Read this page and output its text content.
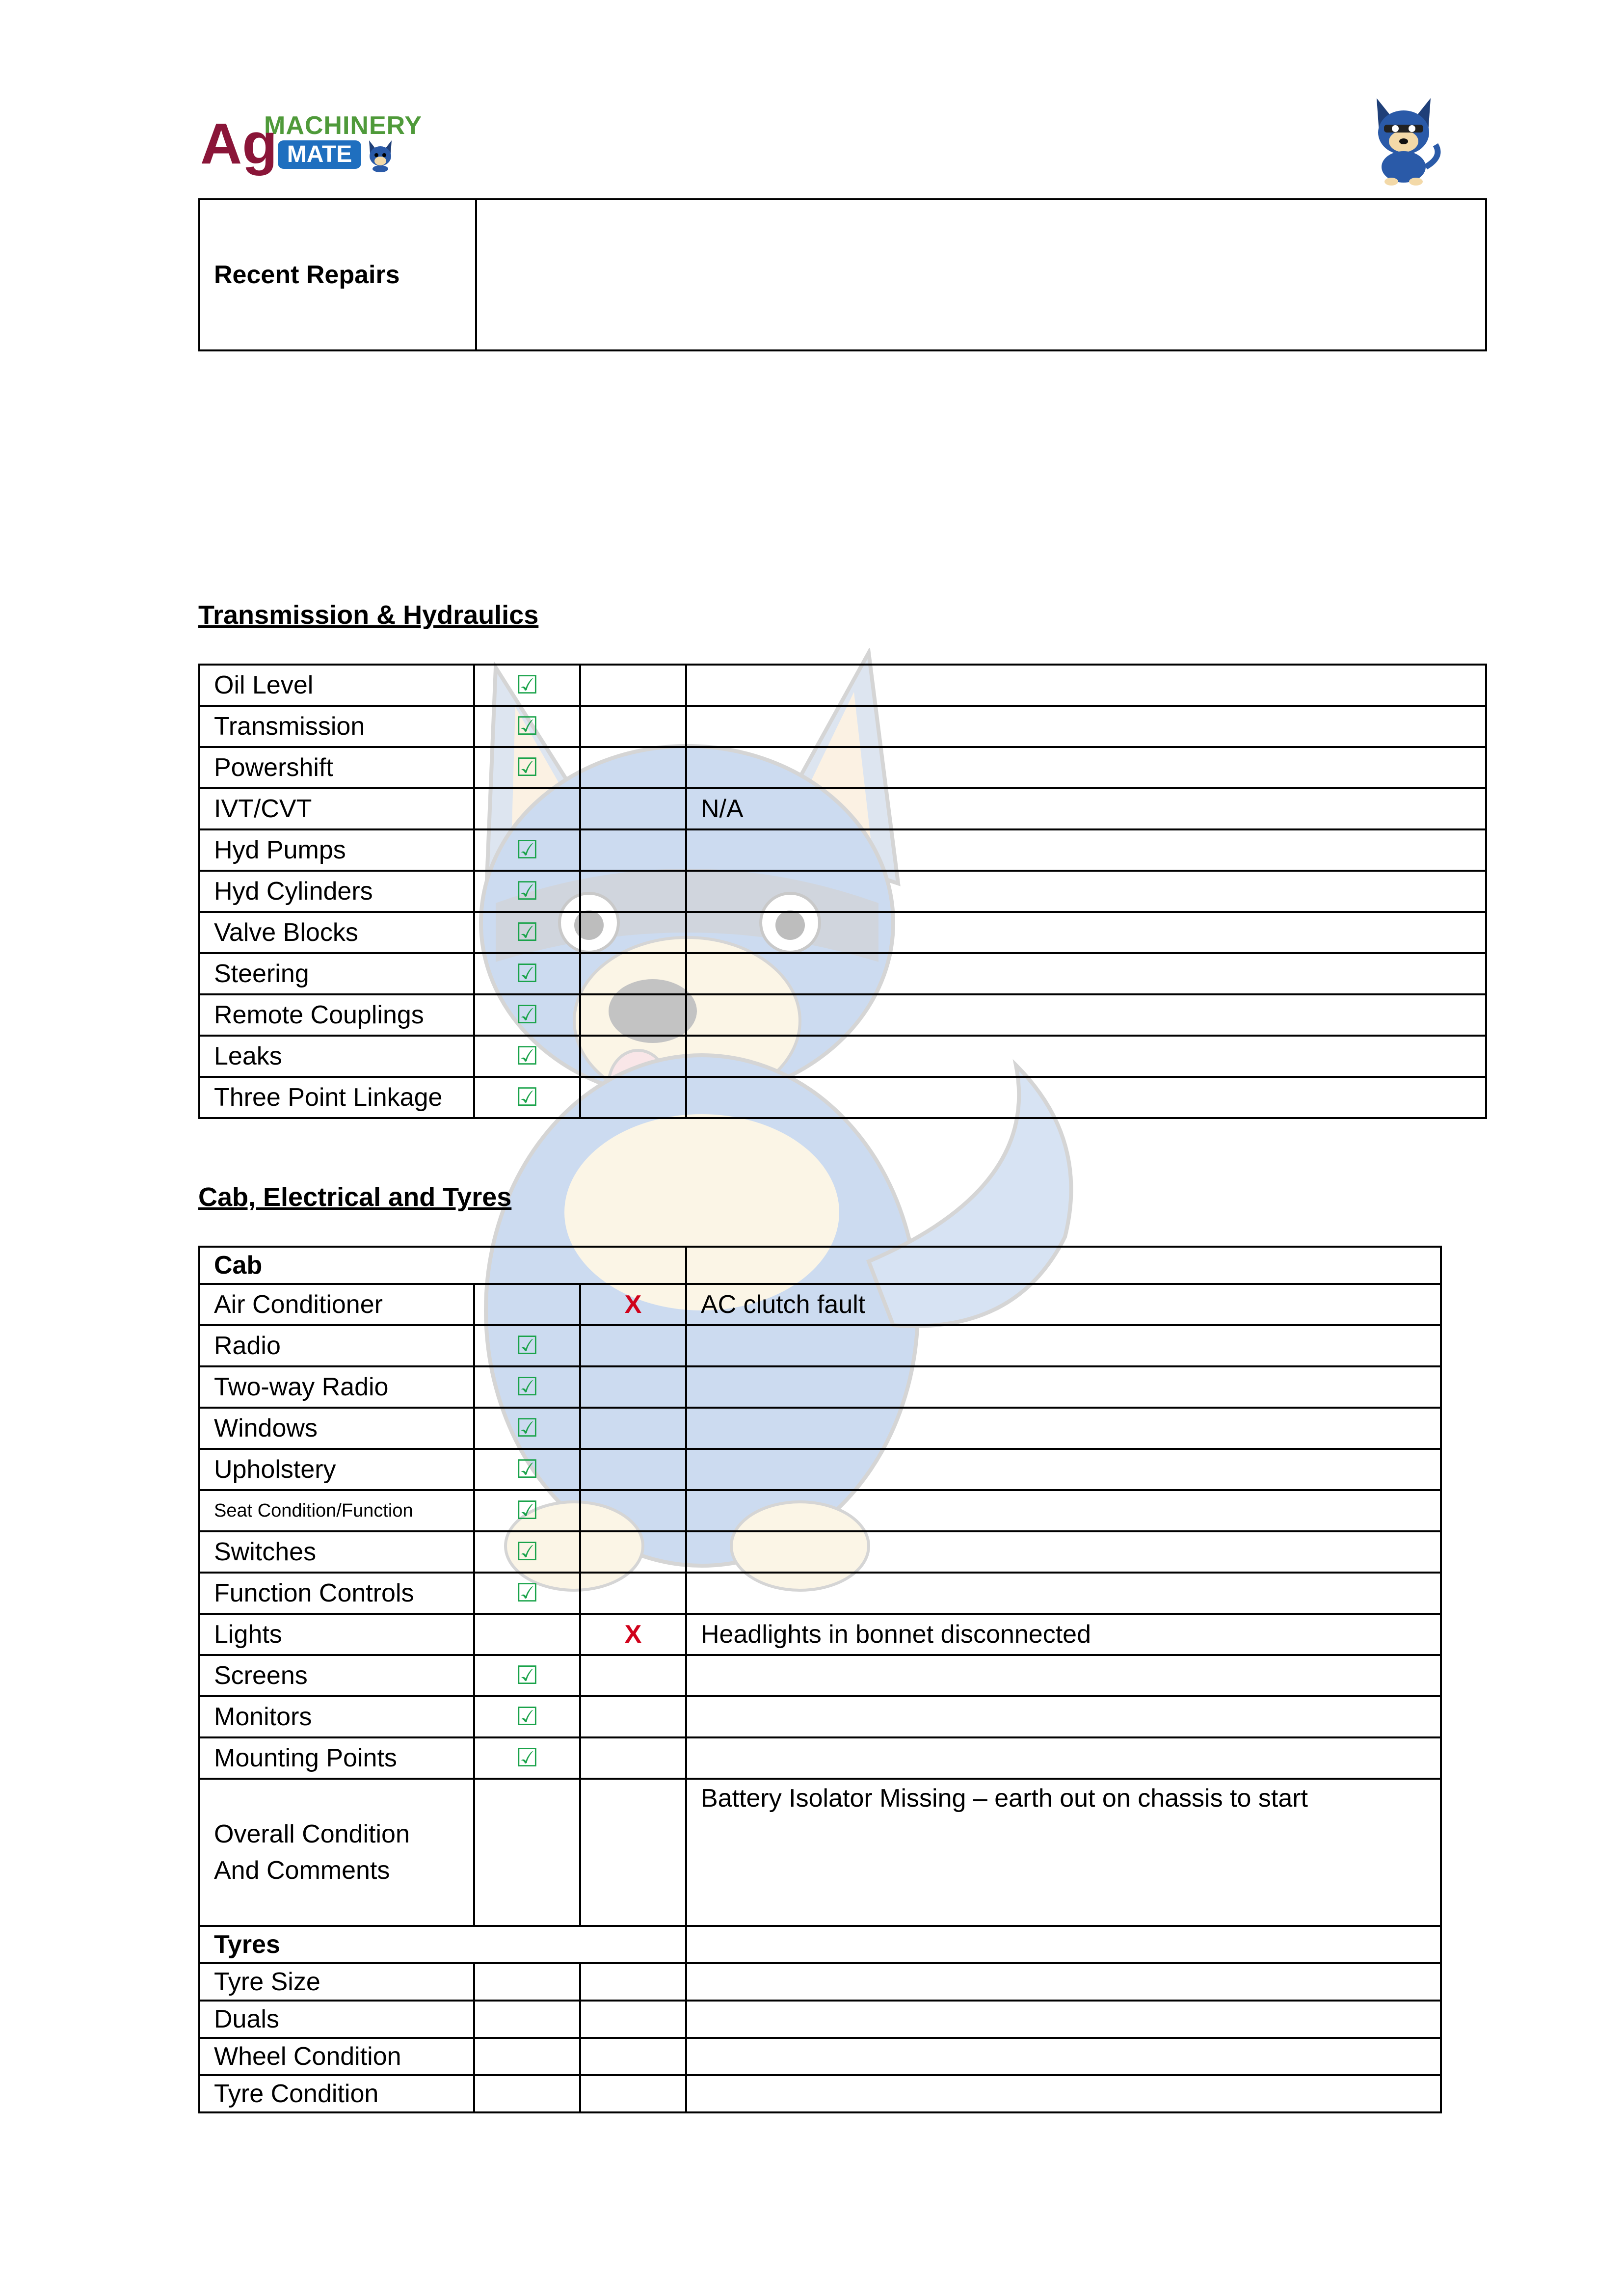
MACHINERY
Ag MATE
Recent Repairs	
Transmission & Hydraulics
Oil Level	☑		
Transmission	☑		
Powershift	☑		
IVT/CVT			N/A
Hyd Pumps	☑		
Hyd Cylinders	☑		
Valve Blocks	☑		
Steering	☑		
Remote Couplings	☑		
Leaks	☑		
Three Point Linkage	☑		
Cab, Electrical and Tyres
Cab			
Air Conditioner		X	AC clutch fault
Radio	☑		
Two-way Radio	☑		
Windows	☑		
Upholstery	☑		
Seat Condition/Function	☑		
Switches	☑		
Function Controls	☑		
Lights		X	Headlights in bonnet disconnected
Screens	☑		
Monitors	☑		
Mounting Points	☑		

Overall Condition
And Comments			Battery Isolator Missing – earth out on chassis to start
Tyres			
Tyre Size			
Duals			
Wheel Condition			
Tyre Condition			
